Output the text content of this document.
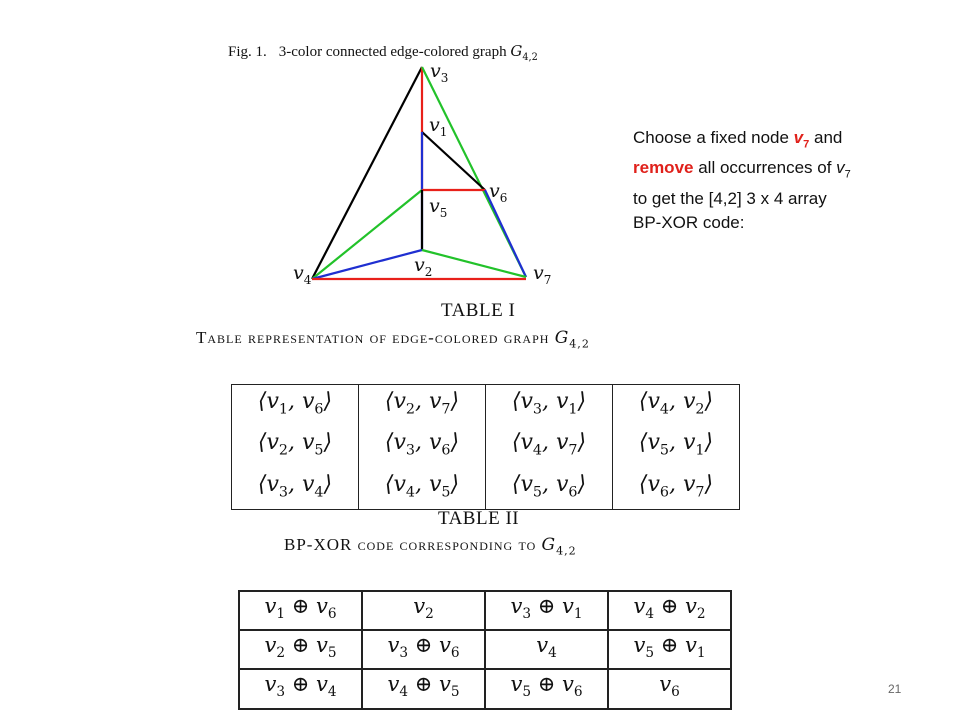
Fig. 1. 3-color connected edge-colored graph $G_{4,2}$
$v_3$
$v_1$
$v_6$
$v_5$
$v_2$
$v_4$	$v_7$
Choose a fixed node $v_7$ and
remove all occurrences of $v_7$
to get the [4,2] 3 x 4 array
BP-XOR code:
TABLE I
Table representation of edge-colored graph $G_{4,2}$
$⟨v_1$, $v_6⟩$	$⟨v_2$, $v_7⟩$	$⟨v_3$, $v_1⟩$	$⟨v_4$, $v_2⟩$
$⟨v_2$, $v_5⟩$	$⟨v_3$, $v_6⟩$	$⟨v_4$, $v_7⟩$	$⟨v_5$, $v_1⟩$
$⟨v_3$, $v_4⟩$	$⟨v_4$, $v_5⟩$	$⟨v_5$, $v_6⟩$	$⟨v_6$, $v_7⟩$
TABLE II
BP-XOR code corresponding to $G_{4,2}$
$v_1$ ⊕ $v_6$	$v_2$	$v_3$ ⊕ $v_1$	$v_4$ ⊕ $v_2$
$v_2$ ⊕ $v_5$	$v_3$ ⊕ $v_6$	$v_4$	$v_5$ ⊕ $v_1$
$v_3$ ⊕ $v_4$	$v_4$ ⊕ $v_5$	$v_5$ ⊕ $v_6$	$v_6$	21
